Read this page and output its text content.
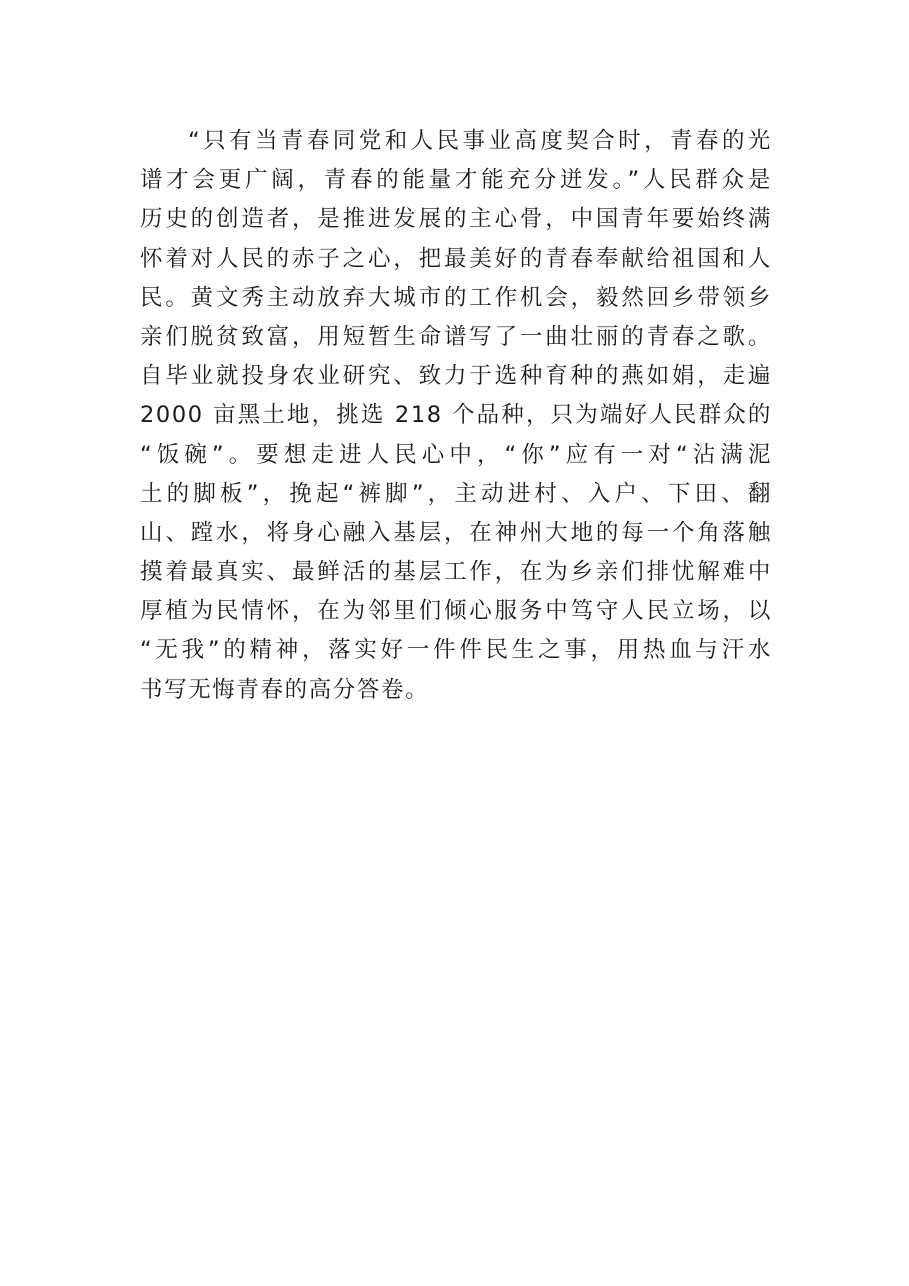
“只有当青春同党和人民事业高度契合时，青春的光
谱才会更广阔，青春的能量才能充分迸发。”人民群众是
历史的创造者，是推进发展的主心骨，中国青年要始终满
怀着对人民的赤子之心，把最美好的青春奉献给祖国和人
民。黄文秀主动放弃大城市的工作机会，毅然回乡带领乡
亲们脱贫致富，用短暂生命谱写了一曲壮丽的青春之歌。
自毕业就投身农业研究、致力于选种育种的燕如娟，走遍
2000 亩黑土地，挑选 218 个品种，只为端好人民群众的
“饭碗”。要想走进人民心中，“你”应有一对“沾满泥
土的脚板”，挽起“裤脚”，主动进村、入户、下田、翻
山、蹚水，将身心融入基层，在神州大地的每一个角落触
摸着最真实、最鲜活的基层工作，在为乡亲们排忧解难中
厚植为民情怀，在为邻里们倾心服务中笃守人民立场，以
“无我”的精神，落实好一件件民生之事，用热血与汗水
书写无悔青春的高分答卷。
